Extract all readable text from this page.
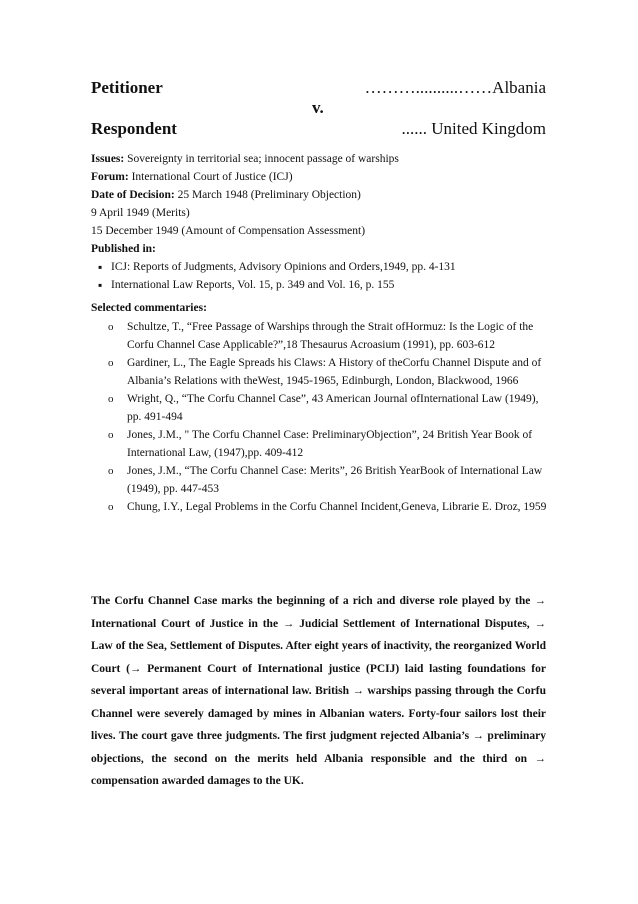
Petitioner	………..........……Albania
v.
Respondent	...... United Kingdom
Issues: Sovereignty in territorial sea; innocent passage of warships
Forum: International Court of Justice (ICJ)
Date of Decision: 25 March 1948 (Preliminary Objection)
9 April 1949 (Merits)
15 December 1949 (Amount of Compensation Assessment)
Published in:
▪ ICJ: Reports of Judgments, Advisory Opinions and Orders,1949, pp. 4-131
▪ International Law Reports, Vol. 15, p. 349 and Vol. 16, p. 155
Selected commentaries:
o Schultze, T., “Free Passage of Warships through the Strait ofHormuz: Is the Logic of the Corfu Channel Case Applicable?”,18 Thesaurus Acroasium (1991), pp. 603-612
o Gardiner, L., The Eagle Spreads his Claws: A History of theCorfu Channel Dispute and of Albania’s Relations with theWest, 1945-1965, Edinburgh, London, Blackwood, 1966
o Wright, Q., “The Corfu Channel Case”, 43 American Journal ofInternational Law (1949), pp. 491-494
o Jones, J.M., " The Corfu Channel Case: PreliminaryObjection”, 24 British Year Book of International Law, (1947),pp. 409-412
o Jones, J.M., “The Corfu Channel Case: Merits”, 26 British YearBook of International Law (1949), pp. 447-453
o Chung, I.Y., Legal Problems in the Corfu Channel Incident,Geneva, Librarie E. Droz, 1959
The Corfu Channel Case marks the beginning of a rich and diverse role played by the → International Court of Justice in the → Judicial Settlement of International Disputes, → Law of the Sea, Settlement of Disputes. After eight years of inactivity, the reorganized World Court (→ Permanent Court of International justice (PCIJ) laid lasting foundations for several important areas of international law. British → warships passing through the Corfu Channel were severely damaged by mines in Albanian waters. Forty-four sailors lost their lives. The court gave three judgments. The first judgment rejected Albania’s → preliminary objections, the second on the merits held Albania responsible and the third on → compensation awarded damages to the UK.
